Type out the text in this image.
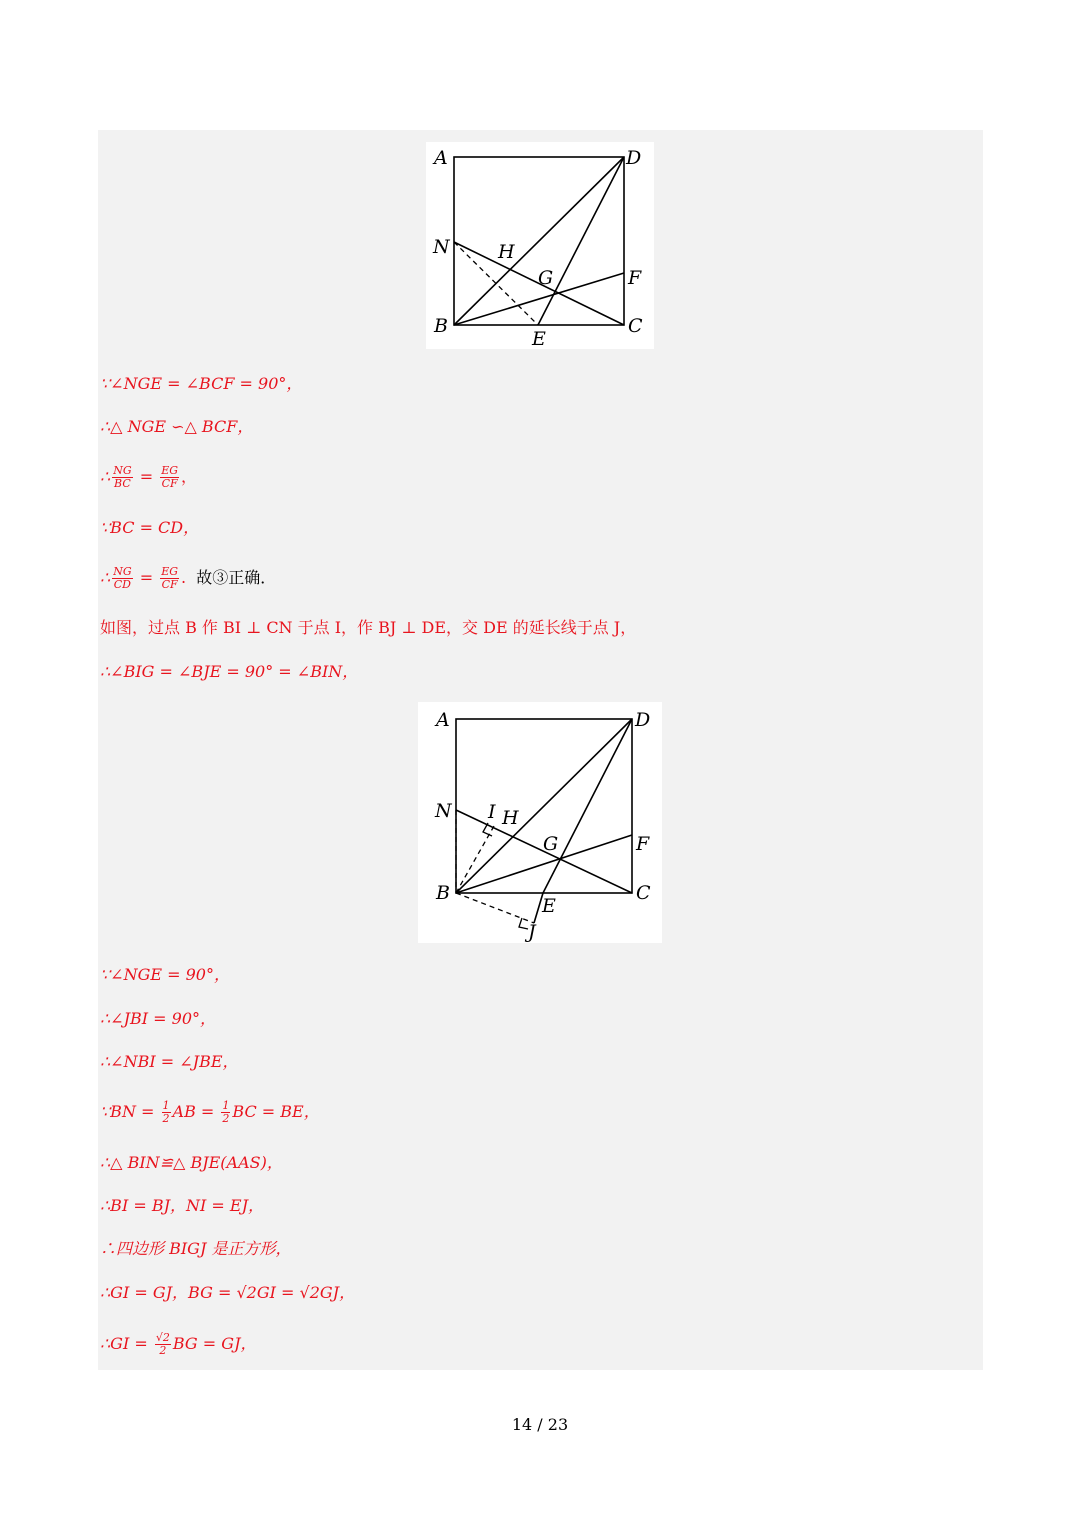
A	D
N	H
G	F
B	C
E
∵∠NGE = ∠BCF = 90°，
∴△ NGE ∽△ BCF，
∴ $\frac{NG}{BC} = \frac{EG}{CF}$ ，
∵BC = CD，
∴ $\frac{NG}{CD} = \frac{EG}{CF}$ . 故③正确．
如图，过点 B 作 BI ⊥ CN 于点 I，作 BJ ⊥ DE，交 DE 的延长线于点 J，
∴∠BIG = ∠BJE = 90° = ∠BIN，
A	D
N I H
G	F
B	C
E
J
∵∠NGE = 90°，
∴∠JBI = 90°，
∴∠NBI = ∠JBE，
∵BN = $\frac{1}{2}$ AB = $\frac{1}{2}$ BC = BE，
∴△ BIN≌△ BJE(AAS)，
∴BI = BJ，NI = EJ，
∴四边形 BIGJ 是正方形，
∴GI = GJ，BG = √2GI = √2GJ，
∴GI = $\frac{√2}{2}$ BG = GJ，
14 / 23
